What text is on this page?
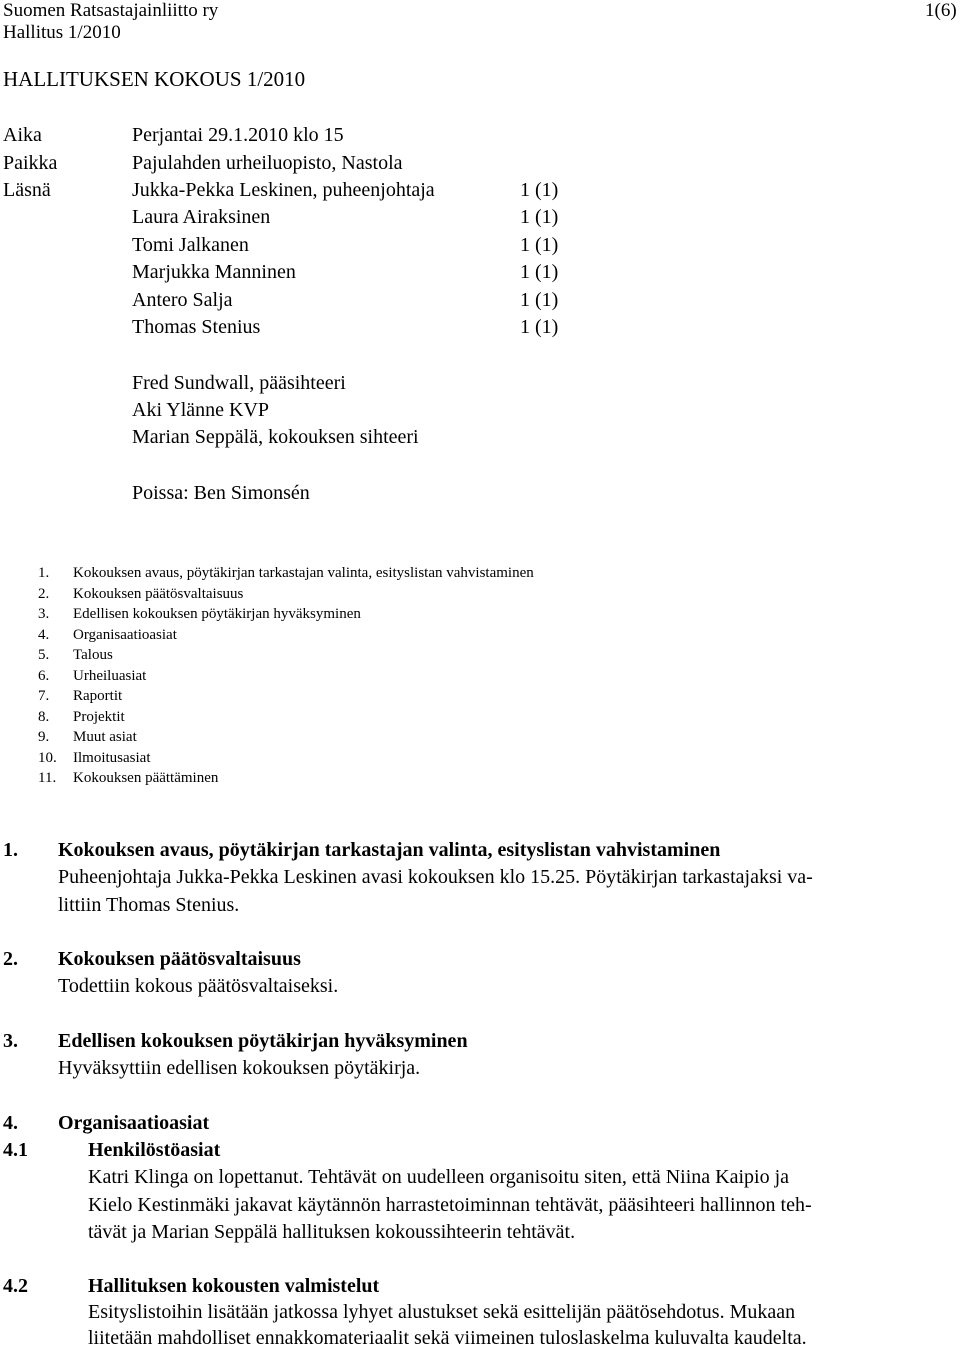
Suomen Ratsastajainliitto ry
Hallitus 1/2010
1(6)
HALLITUKSEN KOKOUS 1/2010
Aika	Perjantai 29.1.2010 klo 15
Paikka	Pajulahden urheiluopisto, Nastola
Läsnä	Jukka-Pekka Leskinen, puheenjohtaja	1 (1)
Laura Airaksinen	1 (1)
Tomi Jalkanen	1 (1)
Marjukka Manninen	1 (1)
Antero Salja	1 (1)
Thomas Stenius	1 (1)
Fred Sundwall, pääsihteeri
Aki Ylänne KVP
Marian Seppälä, kokouksen sihteeri
Poissa: Ben Simonsén
1. Kokouksen avaus, pöytäkirjan tarkastajan valinta, esityslistan vahvistaminen
2. Kokouksen päätösvaltaisuus
3. Edellisen kokouksen pöytäkirjan hyväksyminen
4. Organisaatioasiat
5. Talous
6. Urheiluasiat
7. Raportit
8. Projektit
9. Muut asiat
10. Ilmoitusasiat
11. Kokouksen päättäminen
1. Kokouksen avaus, pöytäkirjan tarkastajan valinta, esityslistan vahvistaminen
Puheenjohtaja Jukka-Pekka Leskinen avasi kokouksen klo 15.25. Pöytäkirjan tarkastajaksi va-
littiin Thomas Stenius.
2. Kokouksen päätösvaltaisuus
Todettiin kokous päätösvaltaiseksi.
3. Edellisen kokouksen pöytäkirjan hyväksyminen
Hyväksyttiin edellisen kokouksen pöytäkirja.
4. Organisaatioasiat
4.1	Henkilöstöasiat
Katri Klinga on lopettanut. Tehtävät on uudelleen organisoitu siten, että Niina Kaipio ja
Kielo Kestinmäki jakavat käytännön harrastetoiminnan tehtävät, pääsihteeri hallinnon teh-
tävät ja Marian Seppälä hallituksen kokoussihteerin tehtävät.
4.2	Hallituksen kokousten valmistelut
Esityslistoihin lisätään jatkossa lyhyet alustukset sekä esittelijän päätösehdotus. Mukaan
liitetään mahdolliset ennakkomateriaalit sekä viimeinen tuloslaskelma kuluvalta kaudelta.
